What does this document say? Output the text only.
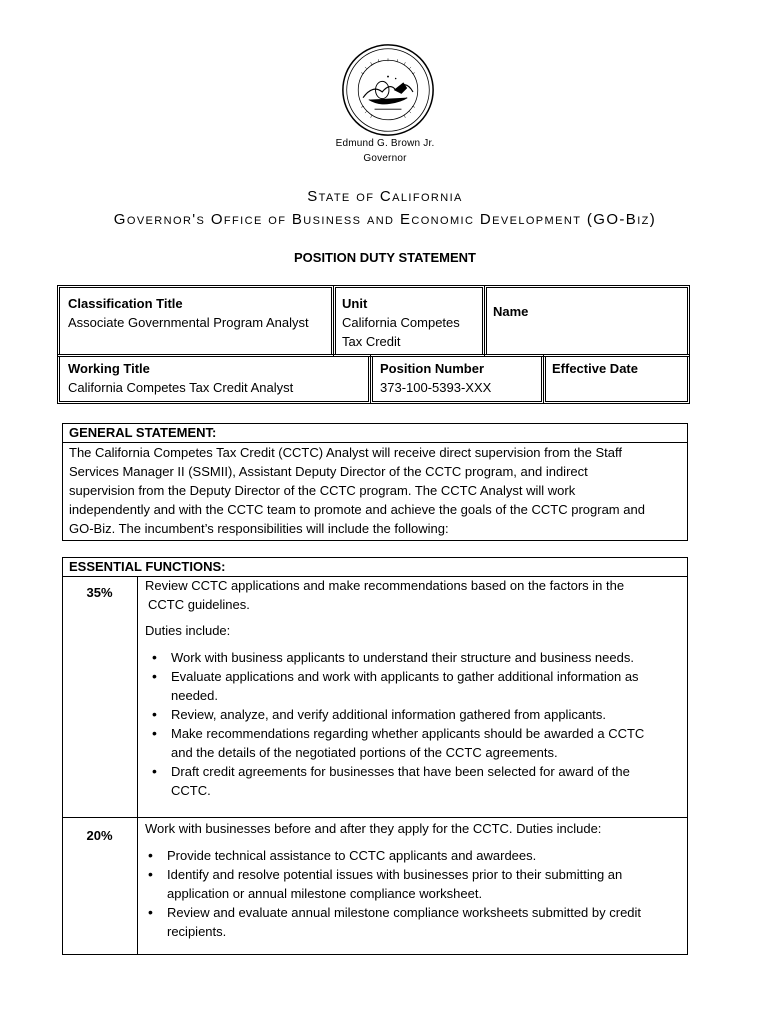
Edmund G. Brown Jr.
Governor
State of California
Governor's Office of Business and Economic Development (GO-Biz)
POSITION DUTY STATEMENT
Classification Title
Associate Governmental Program Analyst
Unit
California Competes
Tax Credit
Name
Working Title
California Competes Tax Credit Analyst
Position Number
373-100-5393-XXX
Effective Date
GENERAL STATEMENT:
The California Competes Tax Credit (CCTC) Analyst will receive direct supervision from the Staff
Services Manager II (SSMII), Assistant Deputy Director of the CCTC program, and indirect
supervision from the Deputy Director of the CCTC program. The CCTC Analyst will work
independently and with the CCTC team to promote and achieve the goals of the CCTC program and
GO-Biz. The incumbent’s responsibilities will include the following:
ESSENTIAL FUNCTIONS:
35%	Review CCTC applications and make recommendations based on the factors in the

CCTC guidelines.

Duties include:

• Work with business applicants to understand their structure and business needs.
• Evaluate applications and work with applicants to gather additional information as
needed.
• Review, analyze, and verify additional information gathered from applicants.
• Make recommendations regarding whether applicants should be awarded a CCTC
and the details of the negotiated portions of the CCTC agreements.
• Draft credit agreements for businesses that have been selected for award of the
CCTC.
20%	Work with businesses before and after they apply for the CCTC. Duties include:

• Provide technical assistance to CCTC applicants and awardees.
• Identify and resolve potential issues with businesses prior to their submitting an
application or annual milestone compliance worksheet.
• Review and evaluate annual milestone compliance worksheets submitted by credit
recipients.
